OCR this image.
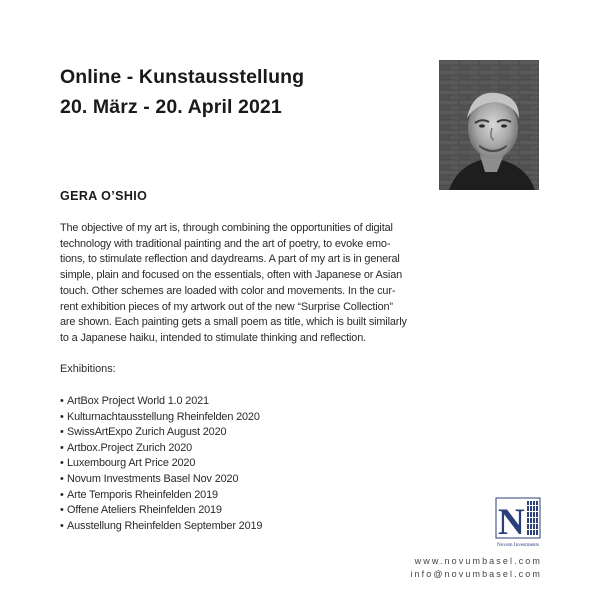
Online - Kunstausstellung
20. März - 20. April 2021
GERA O’SHIO
The objective of my art is, through combining the opportunities of digital
technology with traditional painting and the art of poetry, to evoke emo-
tions, to stimulate reflection and daydreams. A part of my art is in general
simple, plain and focused on the essentials, often with Japanese or Asian
touch. Other schemes are loaded with color and movements. In the cur-
rent exhibition pieces of my artwork out of the new “Surprise Collection”
are shown. Each painting gets a small poem as title, which is built similarly
to a Japanese haiku, intended to stimulate thinking and reflection.
Exhibitions:
• ArtBox Project World 1.0 2021
• Kulturnachtausstellung Rheinfelden 2020
• SwissArtExpo Zurich August 2020
• Artbox.Project Zurich 2020
• Luxembourg Art Price 2020
• Novum Investments Basel Nov 2020
• Arte Temporis Rheinfelden 2019
• Offene Ateliers Rheinfelden 2019
• Ausstellung Rheinfelden September 2019	N
Novum Investments
www.novumbasel.com
info@novumbasel.com
